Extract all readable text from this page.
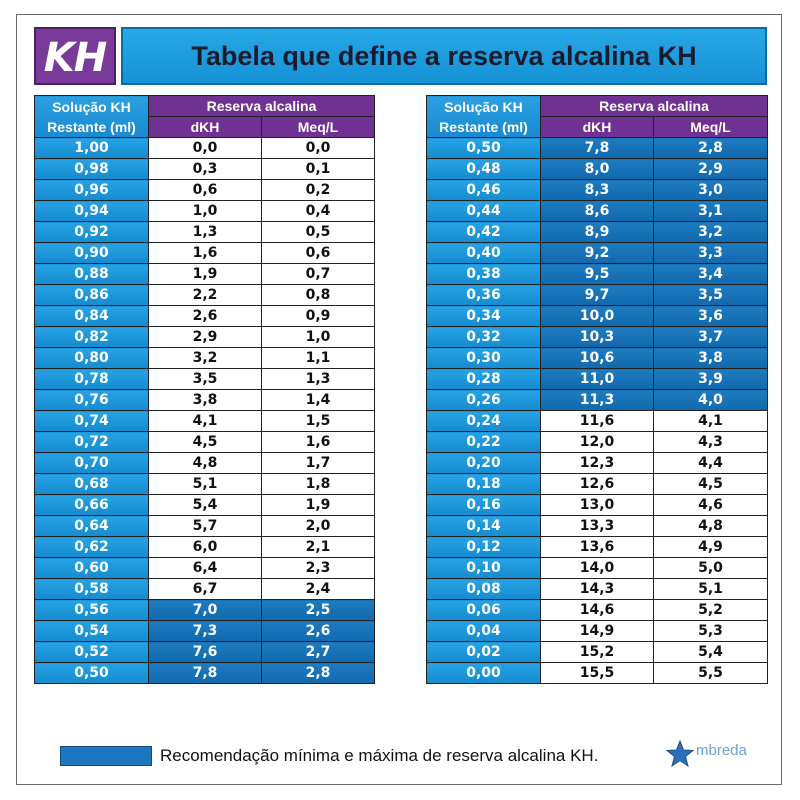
KH	Tabela que define a reserva alcalina KH
Solução KH Restante (ml)	Reserva alcalina	
	dKH	Meq/L
1,00	0,0	0,0
0,98	0,3	0,1
0,96	0,6	0,2
0,94	1,0	0,4
0,92	1,3	0,5
0,90	1,6	0,6
0,88	1,9	0,7
0,86	2,2	0,8
0,84	2,6	0,9
0,82	2,9	1,0
0,80	3,2	1,1
0,78	3,5	1,3
0,76	3,8	1,4
0,74	4,1	1,5
0,72	4,5	1,6
0,70	4,8	1,7
0,68	5,1	1,8
0,66	5,4	1,9
0,64	5,7	2,0
0,62	6,0	2,1
0,60	6,4	2,3
0,58	6,7	2,4
0,56	7,0	2,5
0,54	7,3	2,6
0,52	7,6	2,7
0,50	7,8	2,8
Solução KH Restante (ml)	Reserva alcalina	
	dKH	Meq/L
0,50	7,8	2,8
0,48	8,0	2,9
0,46	8,3	3,0
0,44	8,6	3,1
0,42	8,9	3,2
0,40	9,2	3,3
0,38	9,5	3,4
0,36	9,7	3,5
0,34	10,0	3,6
0,32	10,3	3,7
0,30	10,6	3,8
0,28	11,0	3,9
0,26	11,3	4,0
0,24	11,6	4,1
0,22	12,0	4,3
0,20	12,3	4,4
0,18	12,6	4,5
0,16	13,0	4,6
0,14	13,3	4,8
0,12	13,6	4,9
0,10	14,0	5,0
0,08	14,3	5,1
0,06	14,6	5,2
0,04	14,9	5,3
0,02	15,2	5,4
0,00	15,5	5,5
Recomendação mínima e máxima de reserva alcalina KH.	mbreda
